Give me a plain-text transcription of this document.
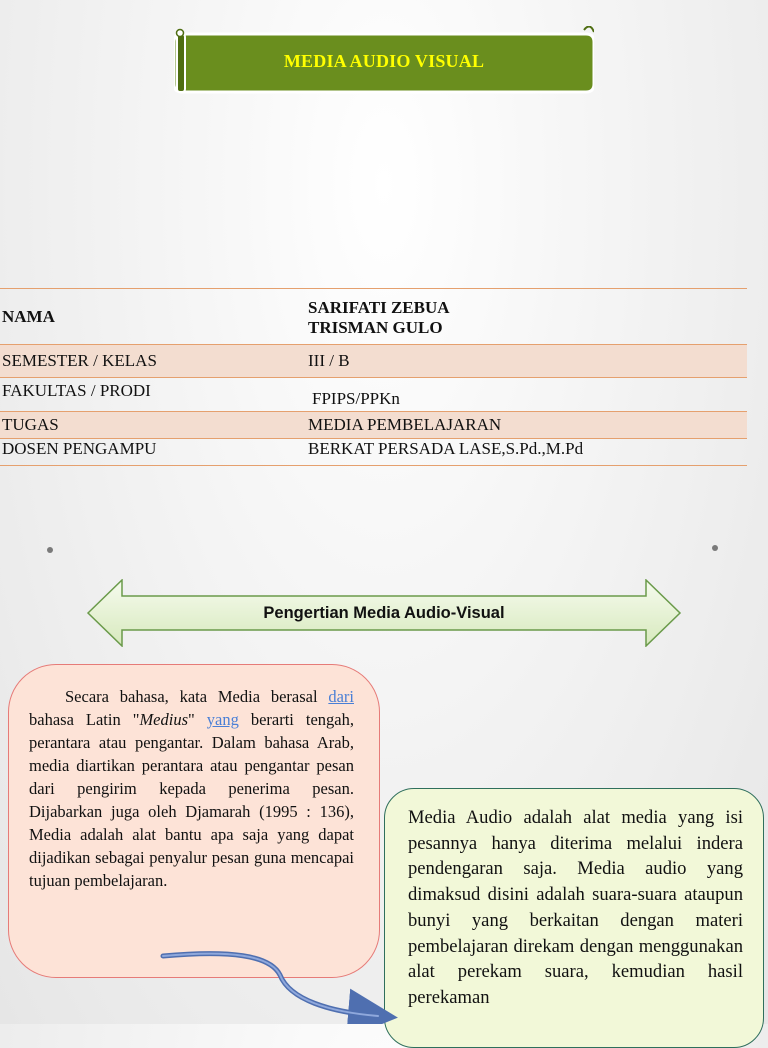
MEDIA AUDIO VISUAL
NAMA	SARIFATI ZEBUA
TRISMAN GULO

SEMESTER / KELAS	III / B
FAKULTAS / PRODI	FPIPS/PPKn
TUGAS	MEDIA PEMBELAJARAN
DOSEN PENGAMPU	BERKAT PERSADA LASE,S.Pd.,M.Pd
Pengertian Media Audio-Visual

Secara bahasa, kata Media berasal dari bahasa Latin "Medius" yang berarti tengah, perantara atau pengantar. Dalam bahasa Arab, media diartikan perantara atau pengantar pesan dari pengirim kepada penerima pesan. Dijabarkan juga oleh Djamarah (1995 : 136), Media adalah alat bantu apa saja yang dapat dijadikan sebagai penyalur pesan guna mencapai tujuan pembelajaran.

Media Audio adalah alat media yang isi pesannya hanya diterima melalui indera pendengaran saja. Media audio yang dimaksud disini adalah suara-suara ataupun bunyi yang berkaitan dengan materi pembelajaran direkam dengan menggunakan alat perekam suara, kemudian hasil perekaman
